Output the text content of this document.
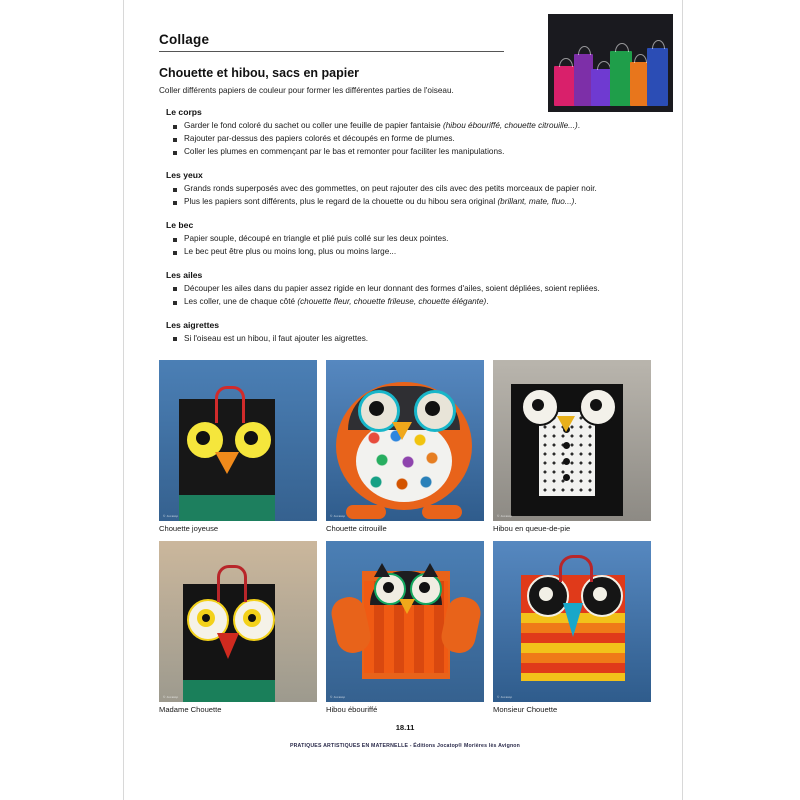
Collage
Chouette et hibou, sacs en papier
Coller différents papiers de couleur pour former les différentes parties de l'oiseau.
Le corps
Garder le fond coloré du sachet ou coller une feuille de papier fantaisie (hibou ébouriffé, chouette citrouille...).
Rajouter par-dessus des papiers colorés et découpés en forme de plumes.
Coller les plumes en commençant par le bas et remonter pour faciliter les manipulations.
Les yeux
Grands ronds superposés avec des gommettes, on peut rajouter des cils avec des petits morceaux de papier noir.
Plus les papiers sont différents, plus le regard de la chouette ou du hibou sera original (brillant, mate, fluo...).
Le bec
Papier souple, découpé en triangle et plié puis collé sur les deux pointes.
Le bec peut être plus ou moins long, plus ou moins large...
Les ailes
Découper les ailes dans du papier assez rigide en leur donnant des formes d'ailes, soient dépliées, soient repliées.
Les coller, une de chaque côté (chouette fleur, chouette frileuse, chouette élégante).
Les aigrettes
Si l'oiseau est un hibou, il faut ajouter les aigrettes.
© Jocatop
Chouette joyeuse
© Jocatop
Chouette citrouille
© Jocatop
Hibou en queue-de-pie
© Jocatop
Madame Chouette
© Jocatop
Hibou ébouriffé
© Jocatop
Monsieur Chouette
18.11
PRATIQUES ARTISTIQUES EN MATERNELLE - Éditions Jocatop® Morières lès Avignon
